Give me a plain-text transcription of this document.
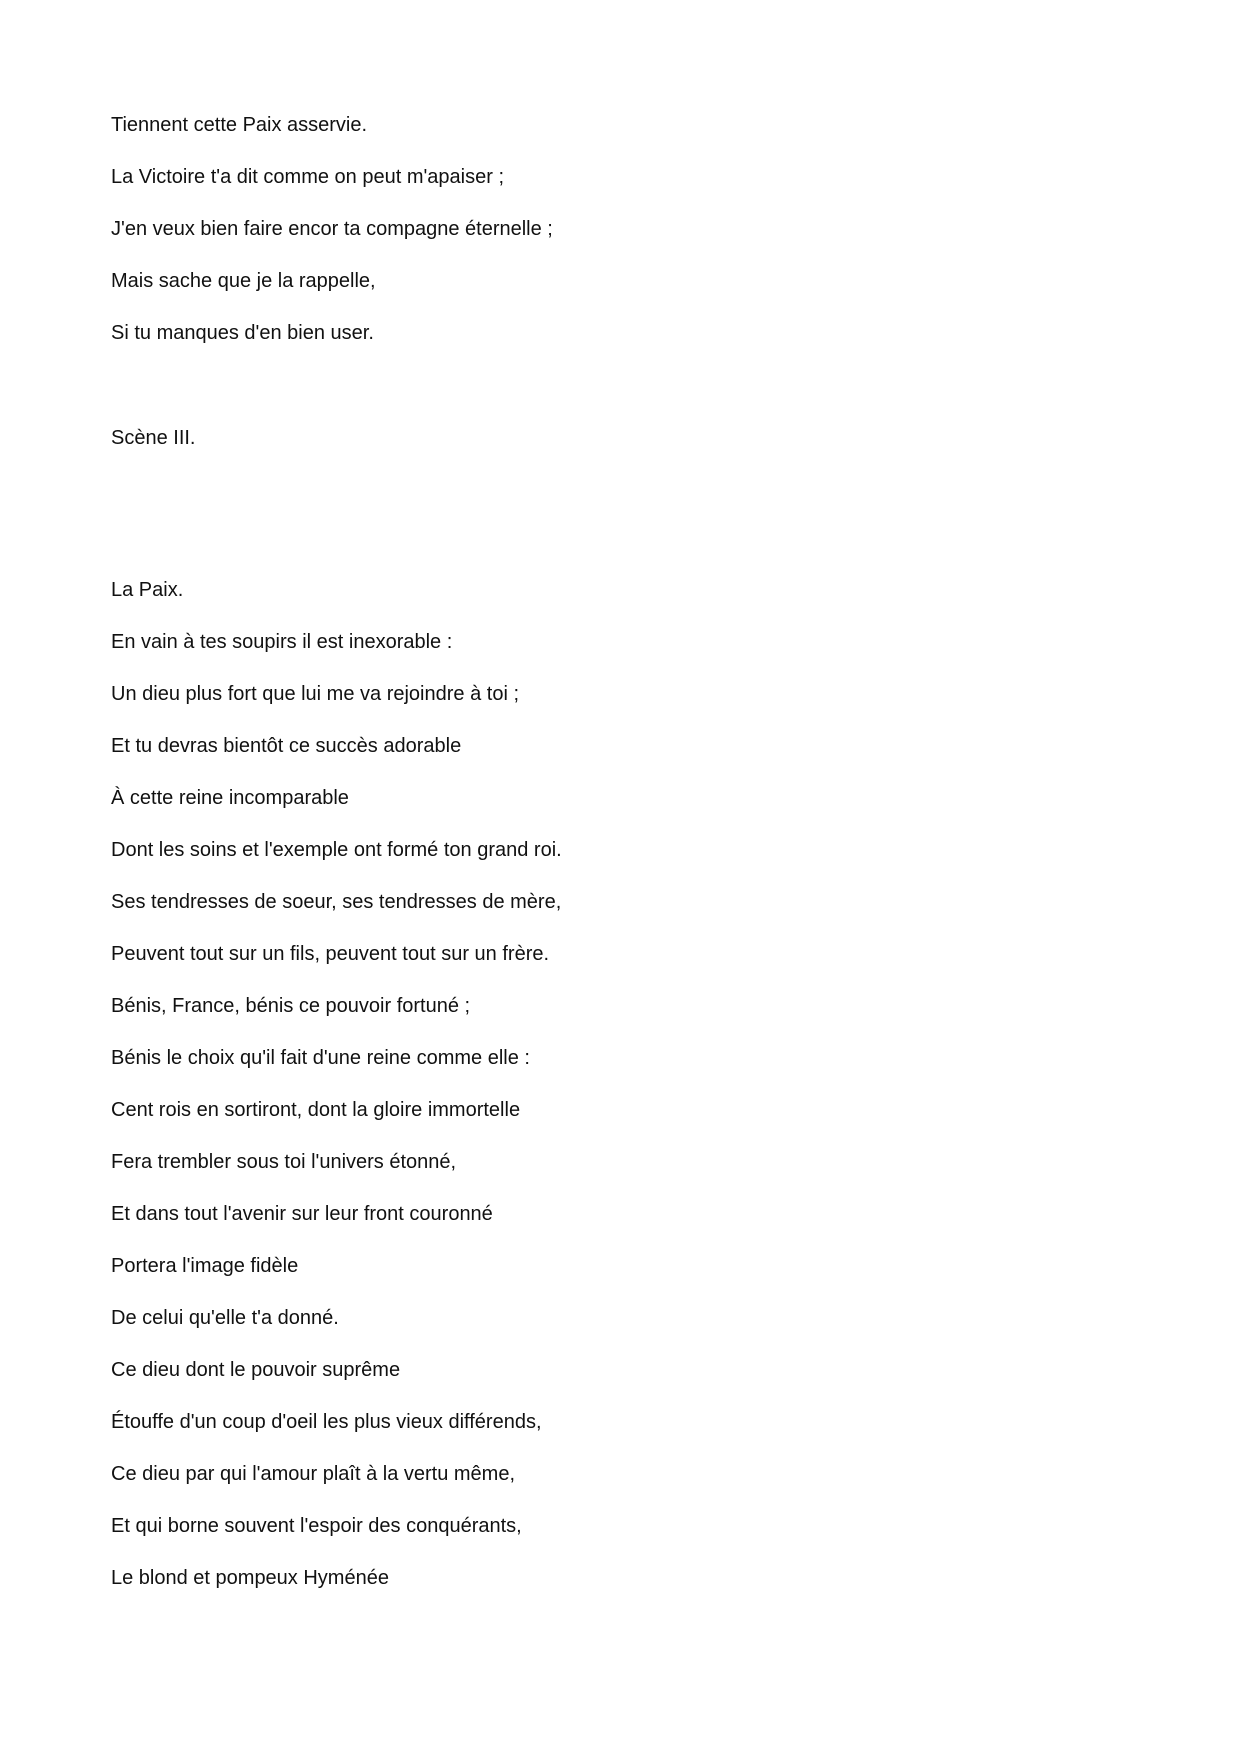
Tiennent cette Paix asservie.

La Victoire t'a dit comme on peut m'apaiser ;

J'en veux bien faire encor ta compagne éternelle ;

Mais sache que je la rappelle,

Si tu manques d'en bien user.

Scène III.

La Paix.

En vain à tes soupirs il est inexorable :

Un dieu plus fort que lui me va rejoindre à toi ;

Et tu devras bientôt ce succès adorable

À cette reine incomparable

Dont les soins et l'exemple ont formé ton grand roi.

Ses tendresses de soeur, ses tendresses de mère,

Peuvent tout sur un fils, peuvent tout sur un frère.

Bénis, France, bénis ce pouvoir fortuné ;

Bénis le choix qu'il fait d'une reine comme elle :

Cent rois en sortiront, dont la gloire immortelle

Fera trembler sous toi l'univers étonné,

Et dans tout l'avenir sur leur front couronné

Portera l'image fidèle

De celui qu'elle t'a donné.

Ce dieu dont le pouvoir suprême

Étouffe d'un coup d'oeil les plus vieux différends,

Ce dieu par qui l'amour plaît à la vertu même,

Et qui borne souvent l'espoir des conquérants,

Le blond et pompeux Hyménée
